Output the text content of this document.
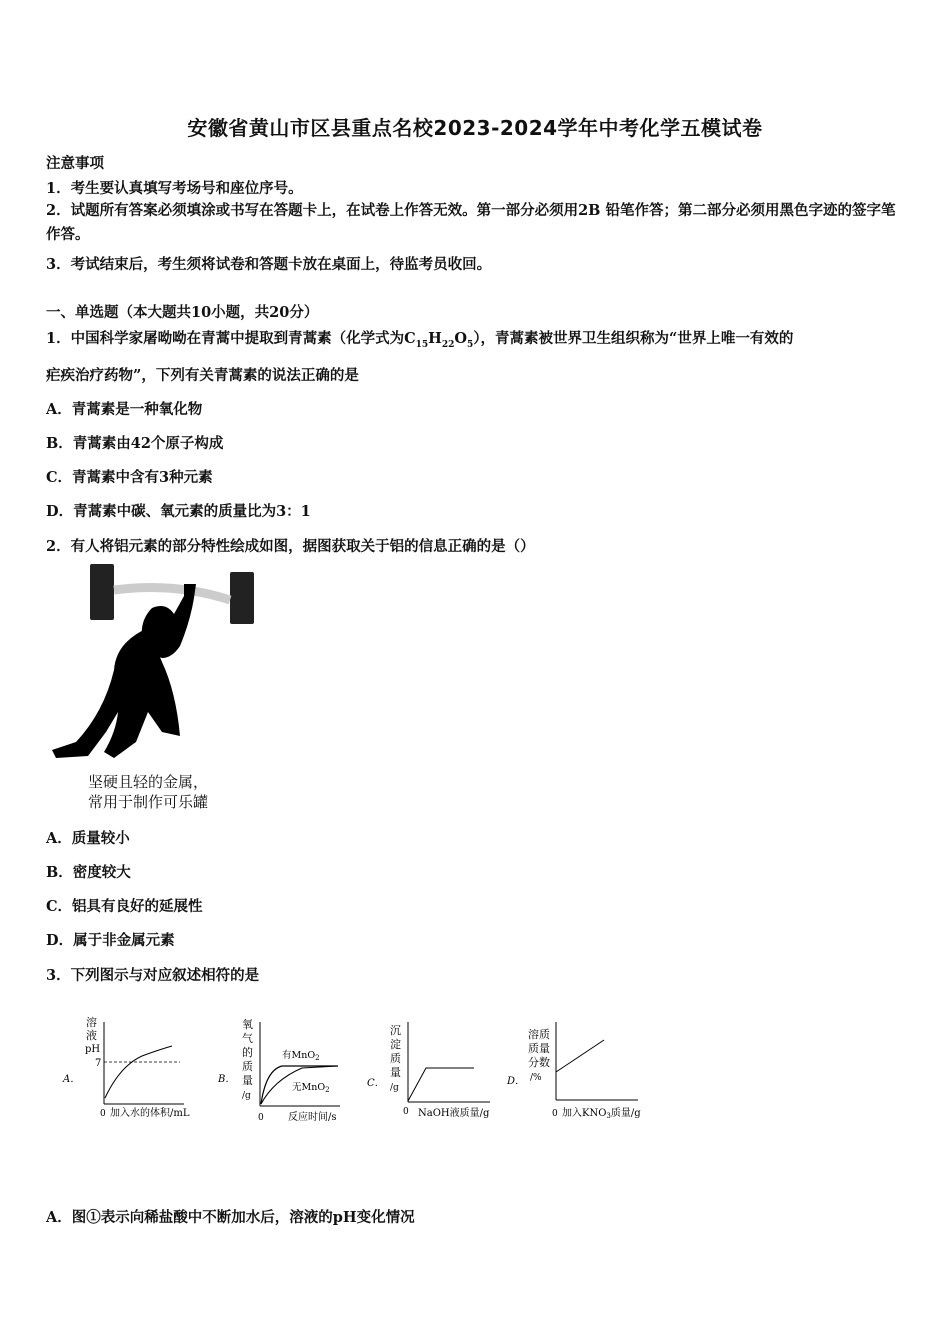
安徽省黄山市区县重点名校2023-2024学年中考化学五模试卷
注意事项
1．考生要认真填写考场号和座位序号。
2．试题所有答案必须填涂或书写在答题卡上，在试卷上作答无效。第一部分必须用2B 铅笔作答；第二部分必须用黑色字迹的签字笔作答。
3．考试结束后，考生须将试卷和答题卡放在桌面上，待监考员收回。
一、单选题（本大题共10小题，共20分）
1．中国科学家屠呦呦在青蒿中提取到青蒿素（化学式为$C_{15}H_{22}O_5$），青蒿素被世界卫生组织称为“世界上唯一有效的
疟疾治疗药物”，下列有关青蒿素的说法正确的是
A．青蒿素是一种氧化物
B．青蒿素由42个原子构成
C．青蒿素中含有3种元素
D．青蒿素中碳、氧元素的质量比为3：1
2．有人将铝元素的部分特性绘成如图，据图获取关于铝的信息正确的是（）
坚硬且轻的金属，
常用于制作可乐罐
A．质量较小
B．密度较大
C．铝具有良好的延展性
D．属于非金属元素
3．下列图示与对应叙述相符的是
A．
溶
液
pH
7
0 加入水的体积/mL
B．
氧
气
的
质
量
/g
有MnO$_2$
无MnO$_2$
0 反应时间/s
C．
沉
淀
质
量
/g
0 NaOH液质量/g
D．
溶质
质量
分数
/%
0 加入$KNO_3$质量/g
A．图①表示向稀盐酸中不断加水后，溶液的pH变化情况
